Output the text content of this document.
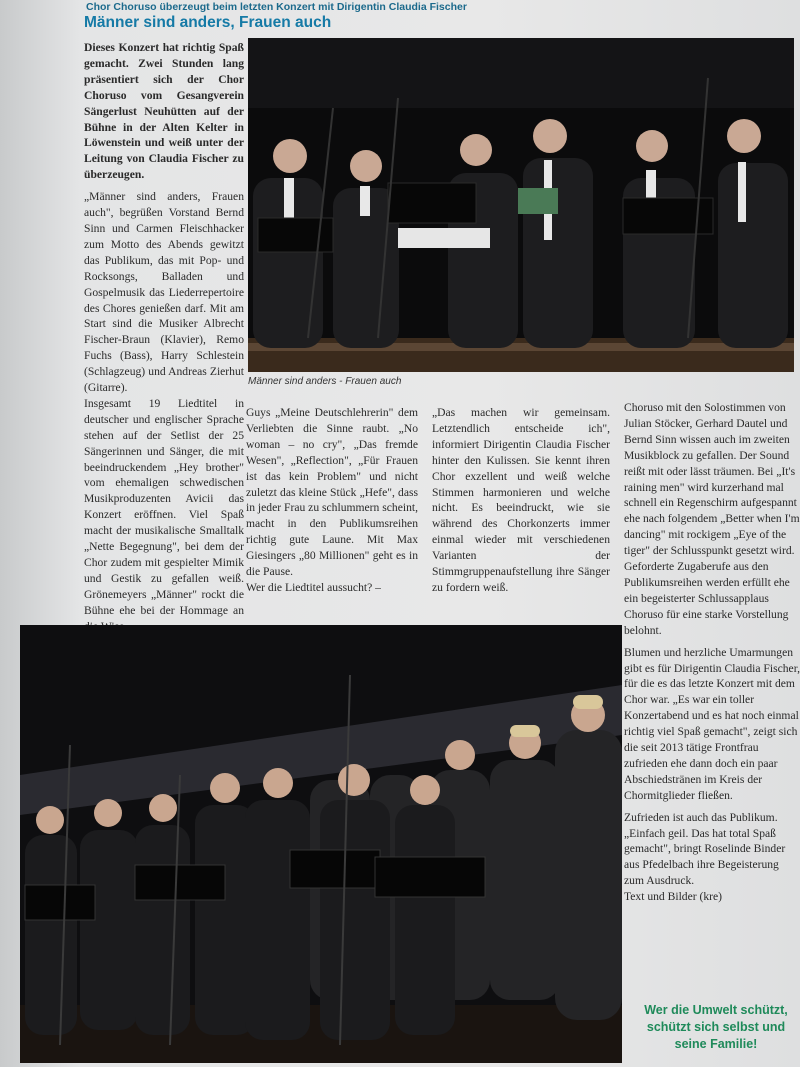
Chor Choruso überzeugt beim letzten Konzert mit Dirigentin Claudia Fischer
Männer sind anders, Frauen auch

Dieses Konzert hat richtig Spaß gemacht. Zwei Stunden lang präsentiert sich der Chor Choruso vom Gesangverein Sängerlust Neuhütten auf der Bühne in der Alten Kelter in Löwenstein und weiß unter der Leitung von Claudia Fischer zu überzeugen.

„Männer sind anders, Frauen auch", begrüßen Vorstand Bernd Sinn und Carmen Fleischhacker zum Motto des Abends gewitzt das Publikum, das mit Pop- und Rocksongs, Balladen und Gospelmusik das Liederrepertoire des Chores genießen darf. Mit am Start sind die Musiker Albrecht Fischer-Braun (Klavier), Remo Fuchs (Bass), Harry Schlestein (Schlagzeug) und Andreas Zierhut (Gitarre).

Insgesamt 19 Liedtitel in deutscher und englischer Sprache stehen auf der Setlist der 25 Sängerinnen und Sänger, die mit beeindruckendem „Hey brother" vom ehemaligen schwedischen Musikproduzenten Avicii das Konzert eröffnen. Viel Spaß macht der musikalische Smalltalk „Nette Begegnung", bei dem der Chor zudem mit gespielter Mimik und Gestik zu gefallen weiß. Grönemeyers „Männer" rockt die Bühne ehe bei der Hommage an

Männer sind anders - Frauen auch

Guys „Meine Deutschlehrerin" dem Verliebten die Sinne raubt. „No woman – no cry", „Das fremde Wesen", „Reflection", „Für Frauen ist das kein Problem" und nicht zuletzt das kleine Stück „Hefe", dass in jeder Frau zu schlummern scheint, macht in den Publikumsreihen richtig gute Laune. Mit Max Giesingers „80 Millionen" geht es in die Pause.

Wer die Liedtitel aussucht? –

„Das machen wir gemeinsam. Letztendlich entscheide ich", informiert Dirigentin Claudia Fischer hinter den Kulissen. Sie kennt ihren Chor exzellent und weiß welche Stimmen harmonieren und welche nicht. Es beeindruckt, wie sie während des Chorkonzerts immer einmal wieder mit verschiedenen Varianten der Stimmgruppenaufstellung ihre Sänger zu fordern weiß.

Choruso mit den Solostimmen von Julian Stöcker, Gerhard Dautel und Bernd Sinn wissen auch im zweiten Musikblock zu gefallen. Der Sound reißt mit oder lässt träumen. Bei „It's raining men" wird kurzerhand mal schnell ein Regenschirm aufgespannt ehe nach folgendem „Better when I'm dancing" mit rockigem „Eye of the tiger" der Schlusspunkt gesetzt wird. Geforderte Zugaberufe aus den Publikumsreihen werden erfüllt ehe ein begeisterter Schlussapplaus Choruso für eine starke Vorstellung belohnt.

Blumen und herzliche Umarmungen gibt es für Dirigentin Claudia Fischer, für die es das letzte Konzert mit dem Chor war. „Es war ein toller Konzertabend und es hat noch einmal richtig viel Spaß gemacht", zeigt sich die seit 2013 tätige Frontfrau zufrieden ehe dann doch ein paar Abschiedstränen im Kreis der Chormitglieder fließen.

Zufrieden ist auch das Publikum. „Einfach geil. Das hat total Spaß gemacht", bringt Roselinde Binder aus Pfedelbach ihre Begeisterung zum Ausdruck.

Text und Bilder (kre)

Wer die Umwelt schützt,
schützt sich selbst und
seine Familie!
